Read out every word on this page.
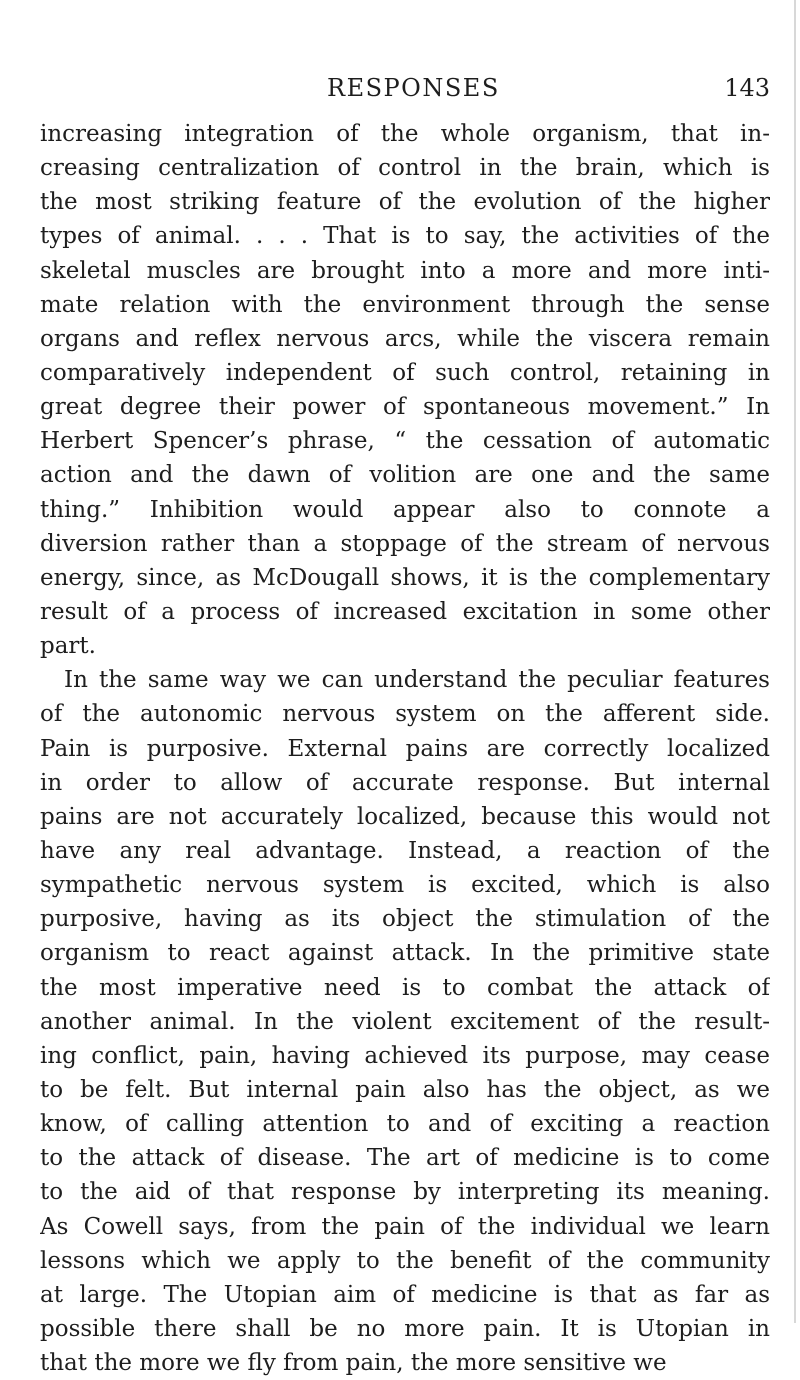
RESPONSES	143
increasing integration of the whole organism, that in-
creasing centralization of control in the brain, which is
the most striking feature of the evolution of the higher
types of animal. . . . That is to say, the activities of the
skeletal muscles are brought into a more and more inti-
mate relation with the environment through the sense
organs and reflex nervous arcs, while the viscera remain
comparatively independent of such control, retaining in
great degree their power of spontaneous movement.” In
Herbert Spencer’s phrase, “ the cessation of automatic
action and the dawn of volition are one and the same
thing.” Inhibition would appear also to connote a
diversion rather than a stoppage of the stream of nervous
energy, since, as McDougall shows, it is the complementary
result of a process of increased excitation in some other
part.
In the same way we can understand the peculiar features
of the autonomic nervous system on the afferent side.
Pain is purposive. External pains are correctly localized
in order to allow of accurate response. But internal
pains are not accurately localized, because this would not
have any real advantage. Instead, a reaction of the
sympathetic nervous system is excited, which is also
purposive, having as its object the stimulation of the
organism to react against attack. In the primitive state
the most imperative need is to combat the attack of
another animal. In the violent excitement of the result-
ing conflict, pain, having achieved its purpose, may cease
to be felt. But internal pain also has the object, as we
know, of calling attention to and of exciting a reaction
to the attack of disease. The art of medicine is to come
to the aid of that response by interpreting its meaning.
As Cowell says, from the pain of the individual we learn
lessons which we apply to the benefit of the community
at large. The Utopian aim of medicine is that as far as
possible there shall be no more pain. It is Utopian in
that the more we fly from pain, the more sensitive we
